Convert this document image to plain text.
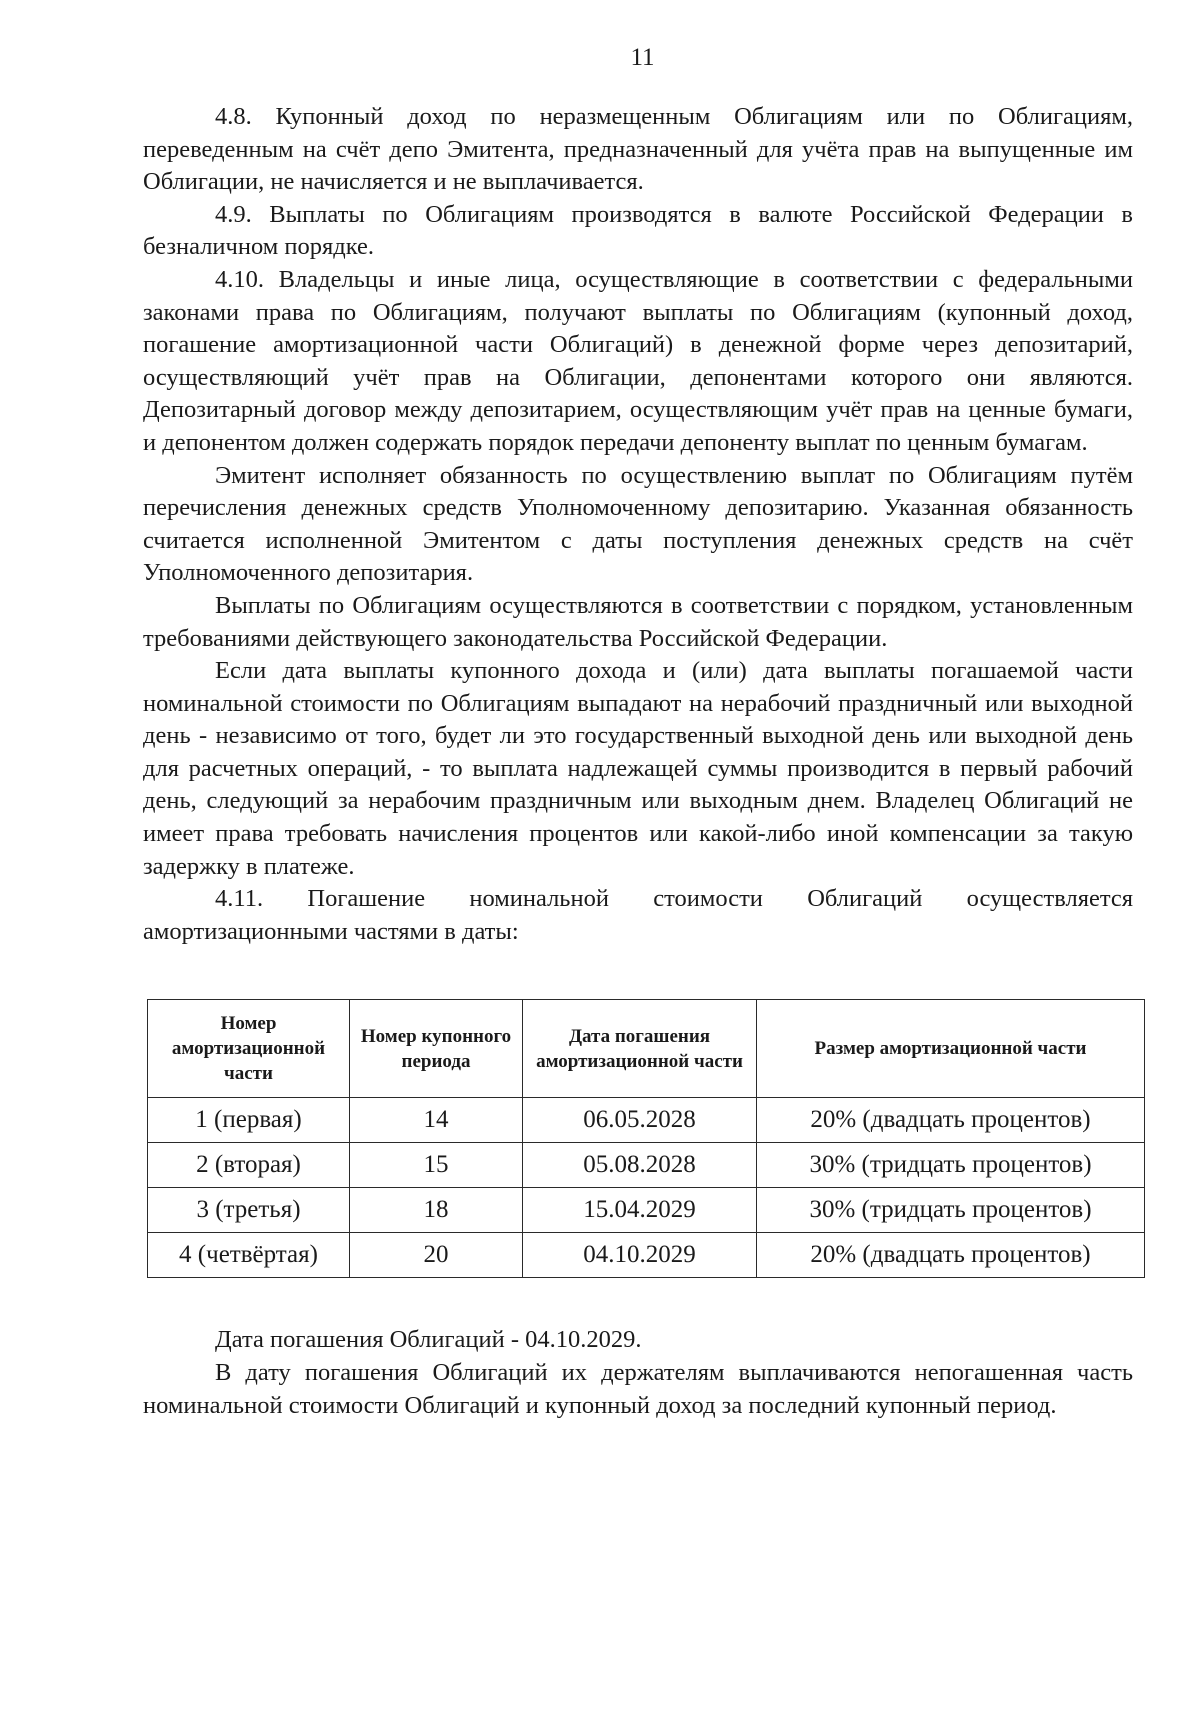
11

4.8. Купонный доход по неразмещенным Облигациям или по Облигациям, переведенным на счёт депо Эмитента, предназначенный для учёта прав на выпущенные им Облигации, не начисляется и не выплачивается.

4.9. Выплаты по Облигациям производятся в валюте Российской Федерации в безналичном порядке.

4.10. Владельцы и иные лица, осуществляющие в соответствии с федеральными законами права по Облигациям, получают выплаты по Облигациям (купонный доход, погашение амортизационной части Облигаций) в денежной форме через депозитарий, осуществляющий учёт прав на Облигации, депонентами которого они являются. Депозитарный договор между депозитарием, осуществляющим учёт прав на ценные бумаги, и депонентом должен содержать порядок передачи депоненту выплат по ценным бумагам.

Эмитент исполняет обязанность по осуществлению выплат по Облигациям путём перечисления денежных средств Уполномоченному депозитарию. Указанная обязанность считается исполненной Эмитентом с даты поступления денежных средств на счёт Уполномоченного депозитария.

Выплаты по Облигациям осуществляются в соответствии с порядком, установленным требованиями действующего законодательства Российской Федерации.

Если дата выплаты купонного дохода и (или) дата выплаты погашаемой части номинальной стоимости по Облигациям выпадают на нерабочий праздничный или выходной день - независимо от того, будет ли это государственный выходной день или выходной день для расчетных операций, - то выплата надлежащей суммы производится в первый рабочий день, следующий за нерабочим праздничным или выходным днем. Владелец Облигаций не имеет права требовать начисления процентов или какой-либо иной компенсации за такую задержку в платеже.

4.11. Погашение номинальной стоимости Облигаций осуществляется амортизационными частями в даты:

Номер амортизационной части	Номер купонного периода	Дата погашения амортизационной части	Размер амортизационной части
1 (первая)	14	06.05.2028	20% (двадцать процентов)
2 (вторая)	15	05.08.2028	30% (тридцать процентов)
3 (третья)	18	15.04.2029	30% (тридцать процентов)
4 (четвёртая)	20	04.10.2029	20% (двадцать процентов)

Дата погашения Облигаций - 04.10.2029.

В дату погашения Облигаций их держателям выплачиваются непогашенная часть номинальной стоимости Облигаций и купонный доход за последний купонный период.
